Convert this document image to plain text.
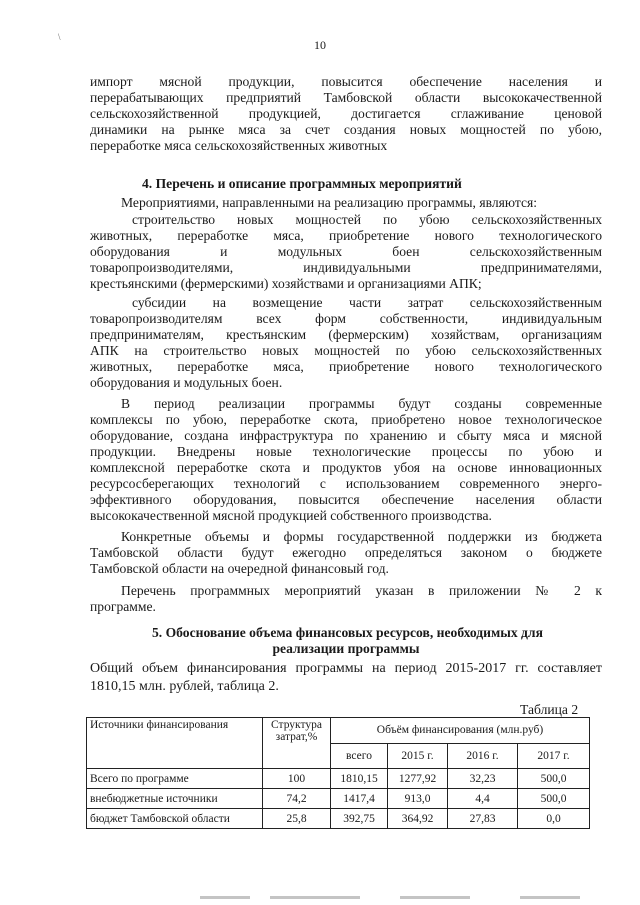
\
10
импорт мясной продукции, повысится обеспечение населения и
перерабатывающих предприятий Тамбовской области высококачественной
сельскохозяйственной продукцией, достигается сглаживание ценовой
динамики на рынке мяса за счет создания новых мощностей по убою,
переработке мяса сельскохозяйственных животных
4. Перечень и описание программных мероприятий
Мероприятиями, направленными на реализацию программы, являются:
строительство новых мощностей по убою сельскохозяйственных
животных, переработке мяса, приобретение нового технологического
оборудования и модульных боен сельскохозяйственным
товаропроизводителями, индивидуальными предпринимателями,
крестьянскими (фермерскими) хозяйствами и организациями АПК;
субсидии на возмещение части затрат сельскохозяйственным
товаропроизводителям всех форм собственности, индивидуальным
предпринимателям, крестьянским (фермерским) хозяйствам, организациям
АПК на строительство новых мощностей по убою сельскохозяйственных
животных, переработке мяса, приобретение нового технологического
оборудования и модульных боен.
В период реализации программы будут созданы современные
комплексы по убою, переработке скота, приобретено новое технологическое
оборудование, создана инфраструктура по хранению и сбыту мяса и мясной
продукции. Внедрены новые технологические процессы по убою и
комплексной переработке скота и продуктов убоя на основе инновационных
ресурсосберегающих технологий с использованием современного энерго-
эффективного оборудования, повысится обеспечение населения области
высококачественной мясной продукцией собственного производства.
Конкретные объемы и формы государственной поддержки из бюджета
Тамбовской области будут ежегодно определяться законом о бюджете
Тамбовской области на очередной финансовый год.
Перечень программных мероприятий указан в приложении № 2 к
программе.
5. Обоснование объема финансовых ресурсов, необходимых для
реализации программы
Общий объем финансирования программы на период 2015-2017 гг. составляет
1810,15 млн. рублей, таблица 2.
Таблица 2
Источники финансирования	Структура затрат,%	Объём финансирования (млн.руб)			
		всего	2015 г.	2016 г.	2017 г.
Всего по программе	100	1810,15	1277,92	32,23	500,0
внебюджетные источники	74,2	1417,4	913,0	4,4	500,0
бюджет Тамбовской области	25,8	392,75	364,92	27,83	0,0
